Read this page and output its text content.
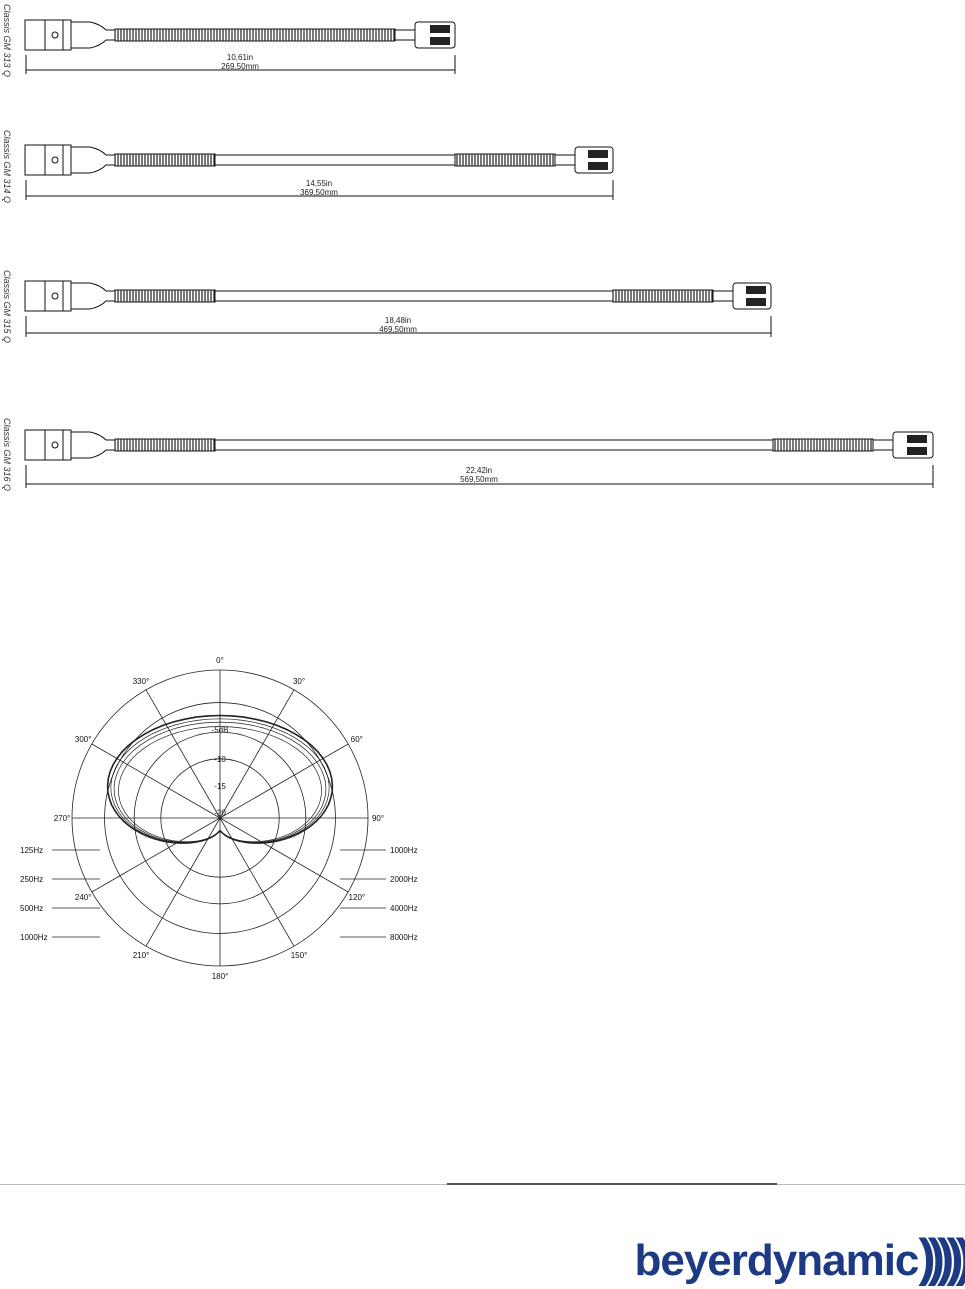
Classis GM 313 Q
Classis GM 314 Q
Classis GM 315 Q
Classis GM 316 Q
10,61in
269,50mm
14,55in
369,50mm
18,48in
469,50mm
22,42in
569,50mm
0°
30°
60°
90°
120°
150°
180°
210°
240°
270°
300°
330°
-5dB
-10
-15
-20
125Hz
250Hz
500Hz
1000Hz
1000Hz
2000Hz
4000Hz
8000Hz
beyerdynamic)))))
